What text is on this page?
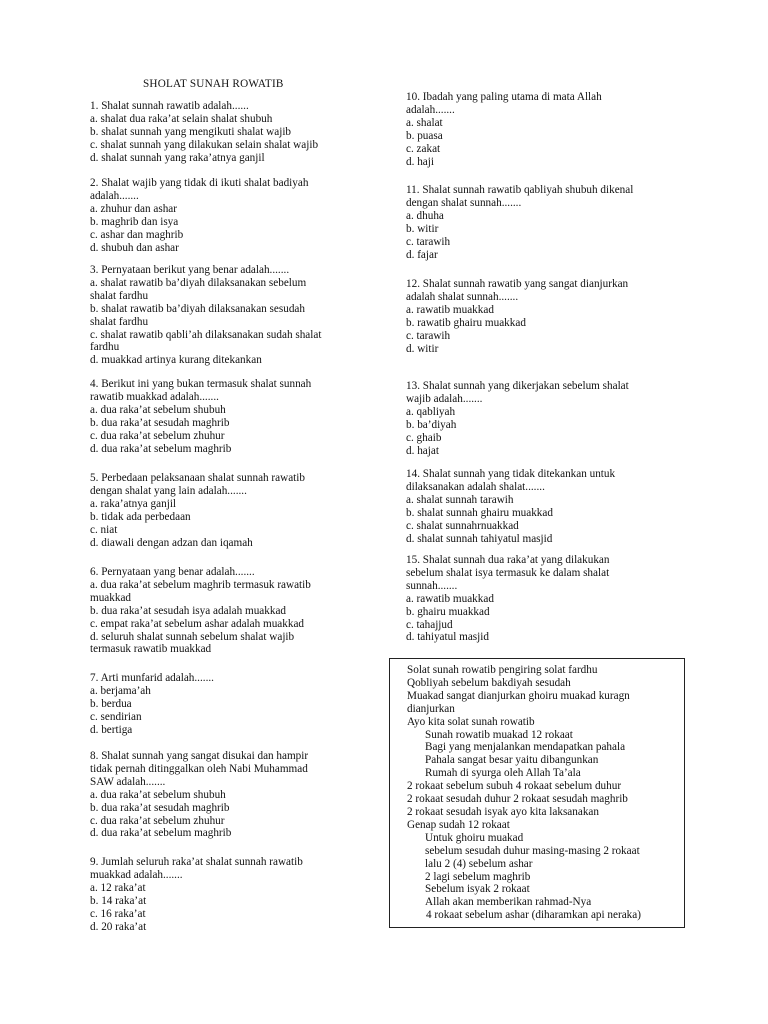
SHOLAT SUNAH ROWATIB
1. Shalat sunnah rawatib adalah......
a. shalat dua raka’at selain shalat shubuh
b. shalat sunnah yang mengikuti shalat wajib
c. shalat sunnah yang dilakukan selain shalat wajib
d. shalat sunnah yang raka’atnya ganjil
2. Shalat wajib yang tidak di ikuti shalat badiyah
adalah.......
a. zhuhur dan ashar
b. maghrib dan isya
c. ashar dan maghrib
d. shubuh dan ashar
3. Pernyataan berikut yang benar adalah.......
a. shalat rawatib ba’diyah dilaksanakan sebelum
shalat fardhu
b. shalat rawatib ba’diyah dilaksanakan sesudah
shalat fardhu
c. shalat rawatib qabli’ah dilaksanakan sudah shalat
fardhu
d. muakkad artinya kurang ditekankan
4. Berikut ini yang bukan termasuk shalat sunnah
rawatib muakkad adalah.......
a. dua raka’at sebelum shubuh
b. dua raka’at sesudah maghrib
c. dua raka’at sebelum zhuhur
d. dua raka’at sebelum maghrib
5. Perbedaan pelaksanaan shalat sunnah rawatib
dengan shalat yang lain adalah.......
a. raka’atnya ganjil
b. tidak ada perbedaan
c. niat
d. diawali dengan adzan dan iqamah
6. Pernyataan yang benar adalah.......
a. dua raka’at sebelum maghrib termasuk rawatib
muakkad
b. dua raka’at sesudah isya adalah muakkad
c. empat raka’at sebelum ashar adalah muakkad
d. seluruh shalat sunnah sebelum shalat wajib
termasuk rawatib muakkad
7. Arti munfarid adalah.......
a. berjama’ah
b. berdua
c. sendirian
d. bertiga
8. Shalat sunnah yang sangat disukai dan hampir
tidak pernah ditinggalkan oleh Nabi Muhammad
SAW adalah.......
a. dua raka’at sebelum shubuh
b. dua raka’at sesudah maghrib
c. dua raka’at sebelum zhuhur
d. dua raka’at sebelum maghrib
9. Jumlah seluruh raka’at shalat sunnah rawatib
muakkad adalah.......
a. 12 raka’at
b. 14 raka’at
c. 16 raka’at
d. 20 raka’at
10. Ibadah yang paling utama di mata Allah
adalah.......
a. shalat
b. puasa
c. zakat
d. haji
11. Shalat sunnah rawatib qabliyah shubuh dikenal
dengan shalat sunnah.......
a. dhuha
b. witir
c. tarawih
d. fajar
12. Shalat sunnah rawatib yang sangat dianjurkan
adalah shalat sunnah.......
a. rawatib muakkad
b. rawatib ghairu muakkad
c. tarawih
d. witir
13. Shalat sunnah yang dikerjakan sebelum shalat
wajib adalah.......
a. qabliyah
b. ba’diyah
c. ghaib
d. hajat
14. Shalat sunnah yang tidak ditekankan untuk
dilaksanakan adalah shalat.......
a. shalat sunnah tarawih
b. shalat sunnah ghairu muakkad
c. shalat sunnahrnuakkad
d. shalat sunnah tahiyatul masjid
15. Shalat sunnah dua raka’at yang dilakukan
sebelum shalat isya termasuk ke dalam shalat
sunnah.......
a. rawatib muakkad
b. ghairu muakkad
c. tahajjud
d. tahiyatul masjid
Solat sunah rowatib pengiring solat fardhu
Qobliyah sebelum bakdiyah sesudah
Muakad sangat dianjurkan ghoiru muakad kuragn
dianjurkan
Ayo kita solat sunah rowatib
Sunah rowatib muakad 12 rokaat
Bagi yang menjalankan mendapatkan pahala
Pahala sangat besar yaitu dibangunkan
Rumah di syurga oleh Allah Ta’ala
2 rokaat sebelum subuh 4 rokaat sebelum duhur
2 rokaat sesudah duhur 2 rokaat sesudah maghrib
2 rokaat sesudah isyak ayo kita laksanakan
Genap sudah 12 rokaat
Untuk ghoiru muakad
sebelum sesudah duhur masing-masing 2 rokaat
lalu 2 (4) sebelum ashar
2 lagi sebelum maghrib
Sebelum isyak 2 rokaat
Allah akan memberikan rahmad-Nya
4 rokaat sebelum ashar (diharamkan api neraka)
